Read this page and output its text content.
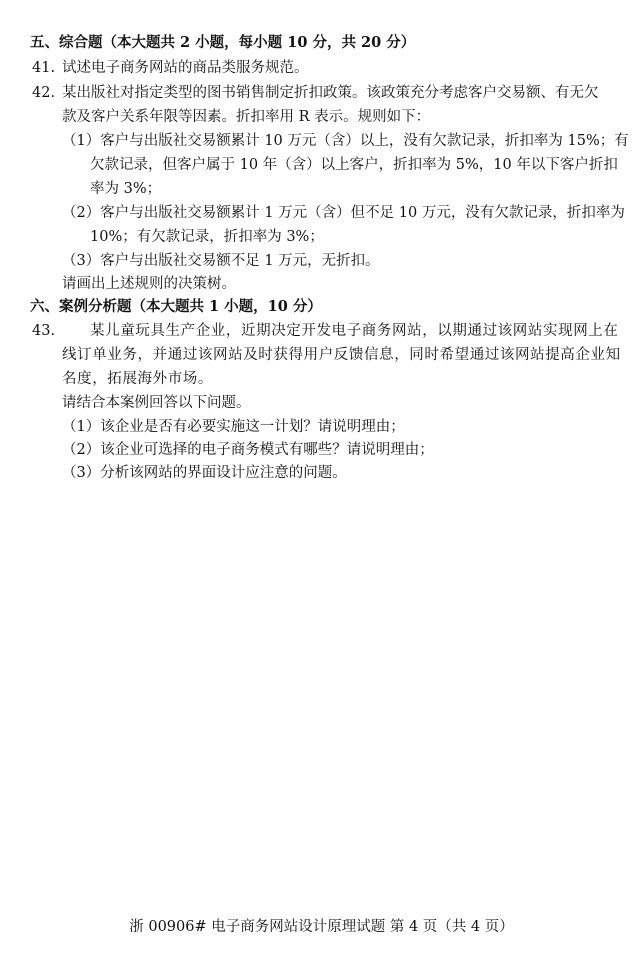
五、综合题（本大题共 2 小题，每小题 10 分，共 20 分）
41. 试述电子商务网站的商品类服务规范。
42. 某出版社对指定类型的图书销售制定折扣政策。该政策充分考虑客户交易额、有无欠
款及客户关系年限等因素。折扣率用 R 表示。规则如下：
（1）客户与出版社交易额累计 10 万元（含）以上，没有欠款记录，折扣率为 15%；有
欠款记录，但客户属于 10 年（含）以上客户，折扣率为 5%，10 年以下客户折扣
率为 3%；
（2）客户与出版社交易额累计 1 万元（含）但不足 10 万元，没有欠款记录，折扣率为
10%；有欠款记录，折扣率为 3%；
（3）客户与出版社交易额不足 1 万元，无折扣。
请画出上述规则的决策树。
六、案例分析题（本大题共 1 小题，10 分）
43. 某儿童玩具生产企业，近期决定开发电子商务网站，以期通过该网站实现网上在
线订单业务，并通过该网站及时获得用户反馈信息，同时希望通过该网站提高企业知
名度，拓展海外市场。
请结合本案例回答以下问题。
（1）该企业是否有必要实施这一计划？请说明理由；
（2）该企业可选择的电子商务模式有哪些？请说明理由；
（3）分析该网站的界面设计应注意的问题。
浙 00906# 电子商务网站设计原理试题 第 4 页（共 4 页）
